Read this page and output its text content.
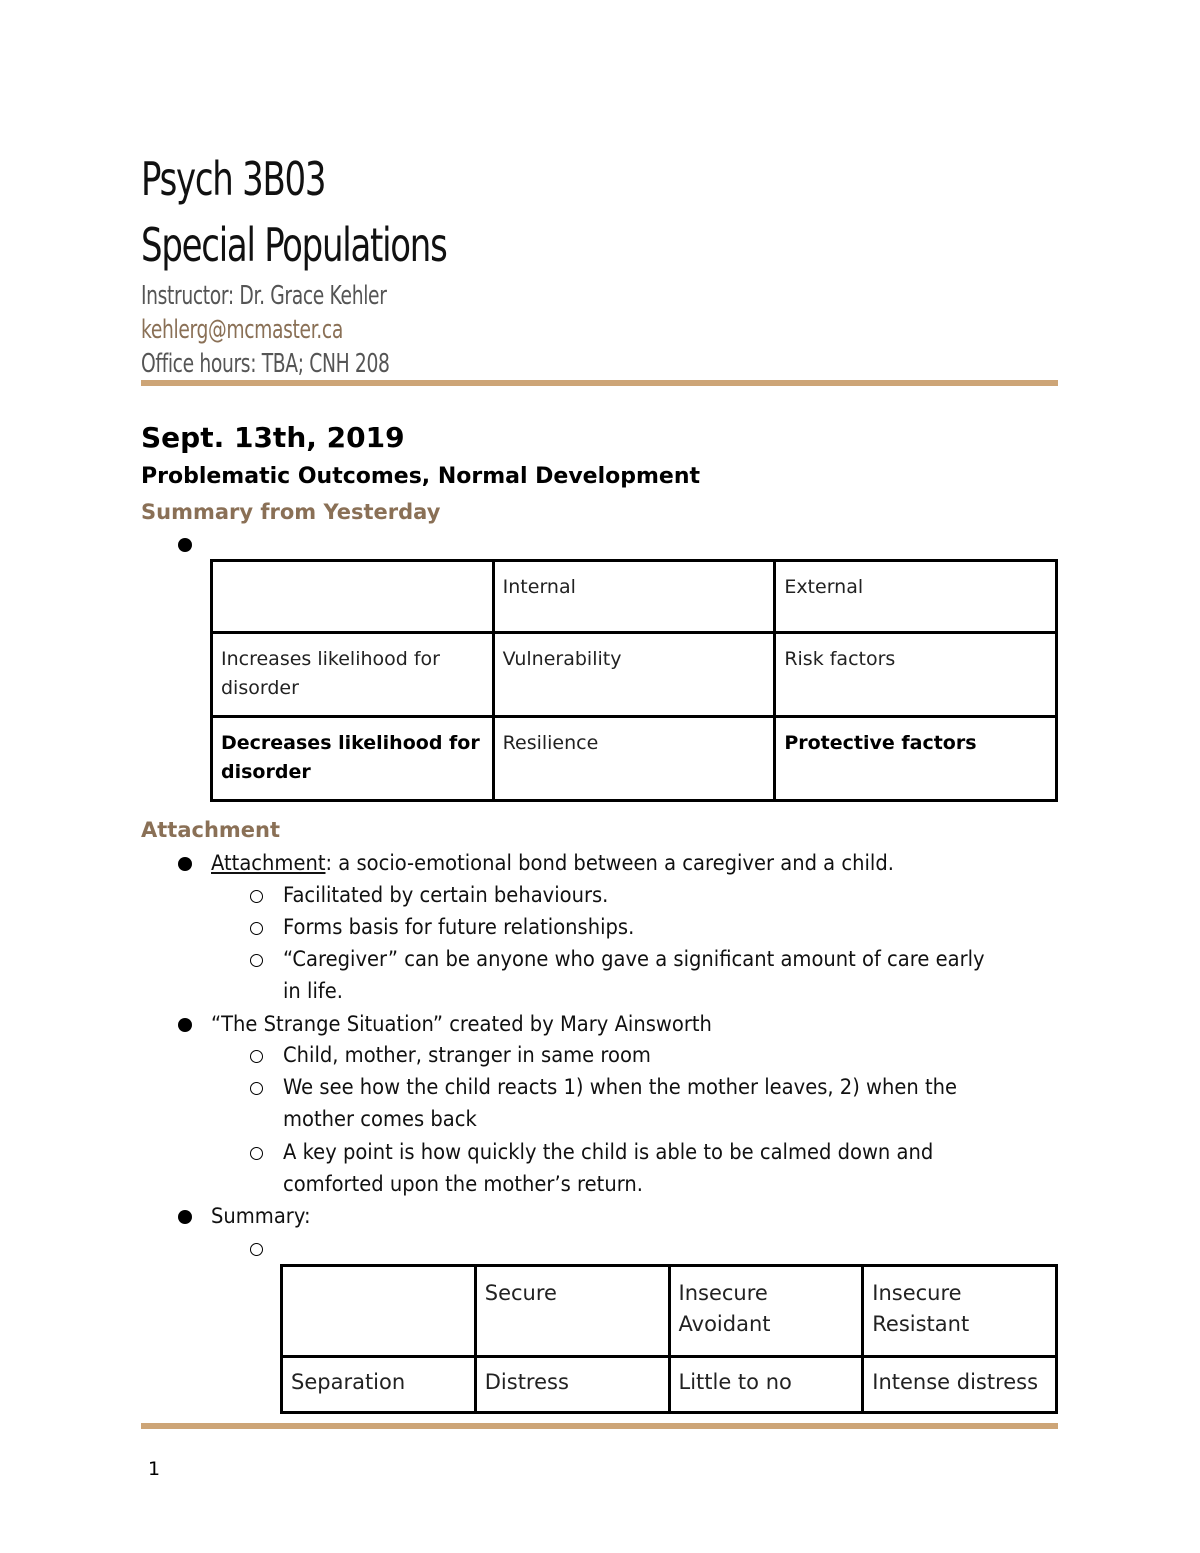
Psych 3B03
Special Populations
Instructor: Dr. Grace Kehler
kehlerg@mcmaster.ca
Office hours: TBA; CNH 208
Sept. 13th, 2019
Problematic Outcomes, Normal Development
Summary from Yesterday
	Internal	External
Increases likelihood for disorder	Vulnerability	Risk factors
Decreases likelihood for disorder	Resilience	Protective factors
Attachment
Attachment: a socio-emotional bond between a caregiver and a child.
Facilitated by certain behaviours.
Forms basis for future relationships.
“Caregiver” can be anyone who gave a significant amount of care early
in life.
“The Strange Situation” created by Mary Ainsworth
Child, mother, stranger in same room
We see how the child reacts 1) when the mother leaves, 2) when the
mother comes back
A key point is how quickly the child is able to be calmed down and
comforted upon the mother’s return.
Summary:
	Secure	Insecure Avoidant	Insecure Resistant
Separation	Distress	Little to no	Intense distress
1
